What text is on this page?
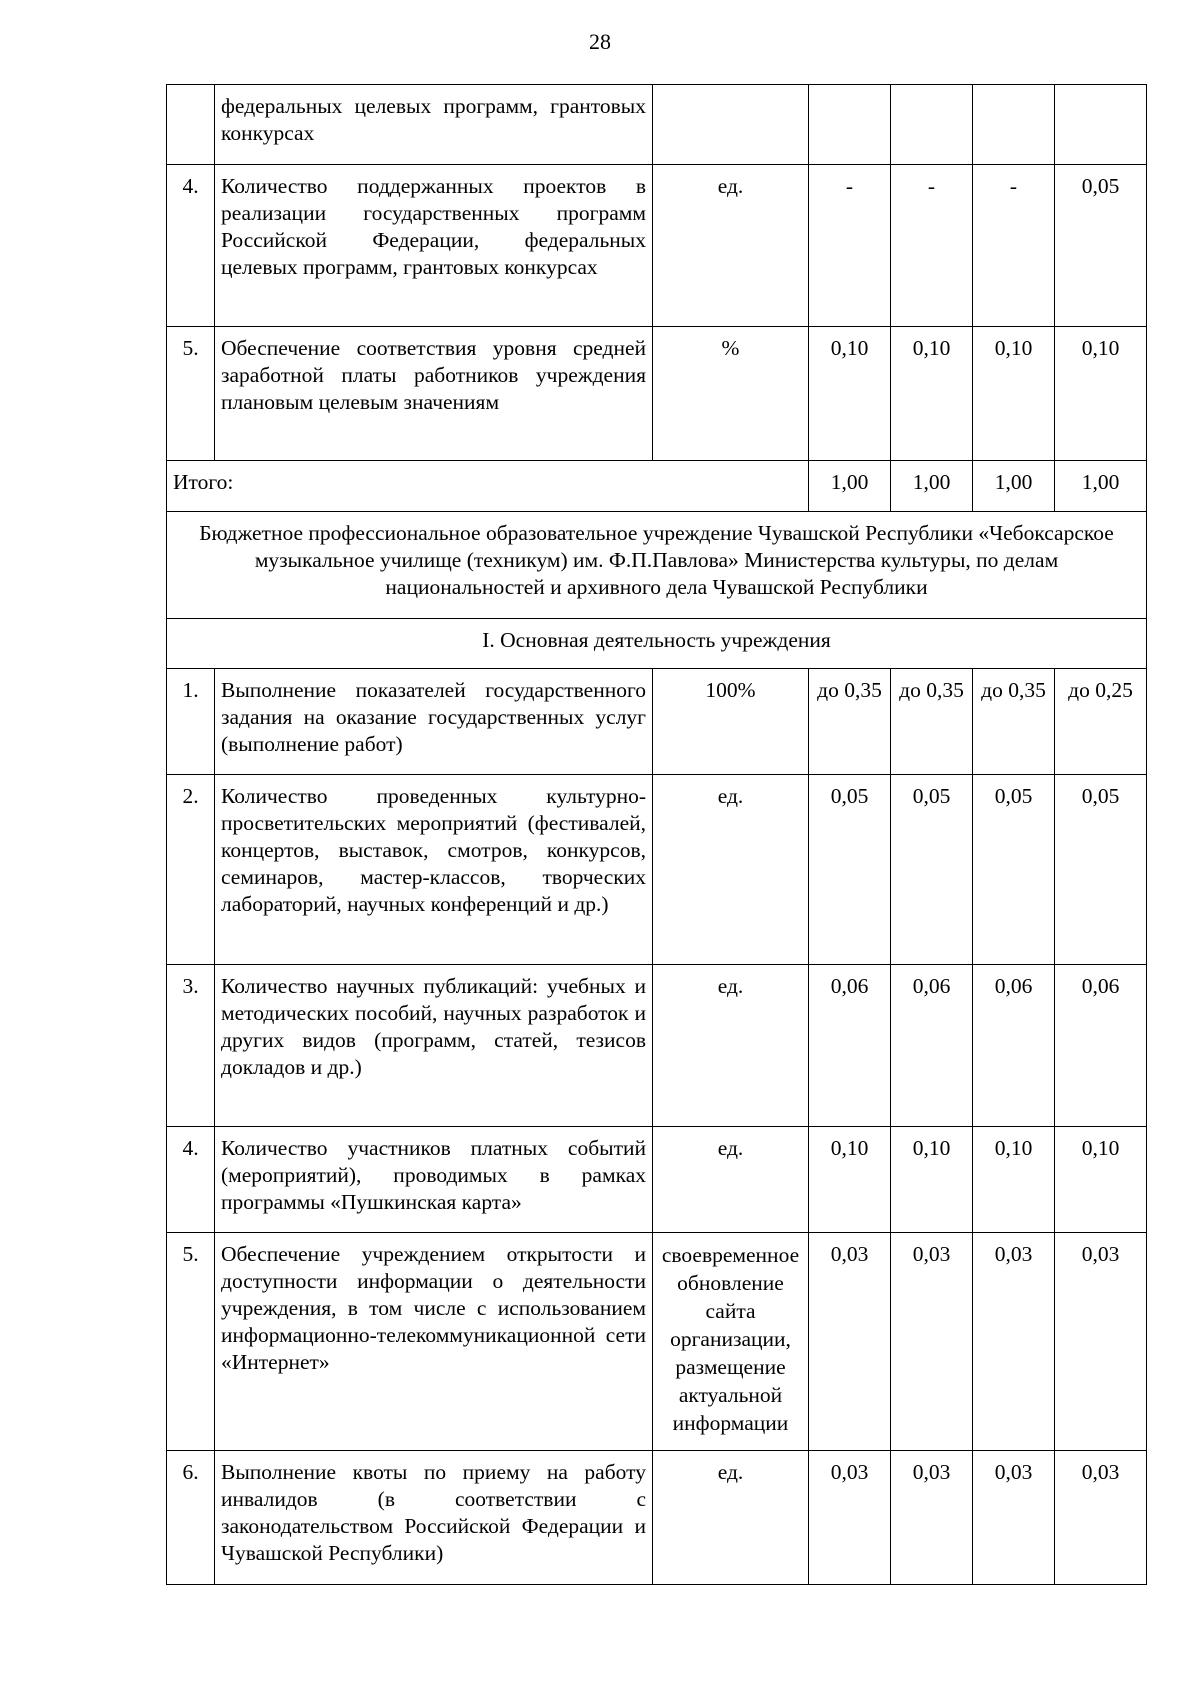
28
	федеральных целевых программ, грантовых конкурсах					
4.	Количество поддержанных проектов в реализации государственных программ Российской Федерации, федеральных целевых программ, грантовых конкурсах	ед.	-	-	-	0,05
5.	Обеспечение соответствия уровня средней заработной платы работников учреждения плановым целевым значениям	%	0,10	0,10	0,10	0,10
Итого:			1,00	1,00	1,00	1,00
Бюджетное профессиональное образовательное учреждение Чувашской Республики «Чебоксарское музыкальное училище (техникум) им. Ф.П.Павлова» Министерства культуры, по делам национальностей и архивного дела Чувашской Республики						
I. Основная деятельность учреждения						
1.	Выполнение показателей государственного задания на оказание государственных услуг (выполнение работ)	100%	до 0,35	до 0,35	до 0,35	до 0,25
2.	Количество проведенных культурно-просветительских мероприятий (фестивалей, концертов, выставок, смотров, конкурсов, семинаров, мастер-классов, творческих лабораторий, научных конференций и др.)	ед.	0,05	0,05	0,05	0,05
3.	Количество научных публикаций: учебных и методических пособий, научных разработок и других видов (программ, статей, тезисов докладов и др.)	ед.	0,06	0,06	0,06	0,06
4.	Количество участников платных событий (мероприятий), проводимых в рамках программы «Пушкинская карта»	ед.	0,10	0,10	0,10	0,10
5.	Обеспечение учреждением открытости и доступности информации о деятельности учреждения, в том числе с использованием информационно-телекоммуникационной сети «Интернет»	своевременное обновление сайта организации, размещение актуальной информации	0,03	0,03	0,03	0,03
6.	Выполнение квоты по приему на работу инвалидов (в соответствии с законодательством Российской Федерации и Чувашской Республики)	ед.	0,03	0,03	0,03	0,03
